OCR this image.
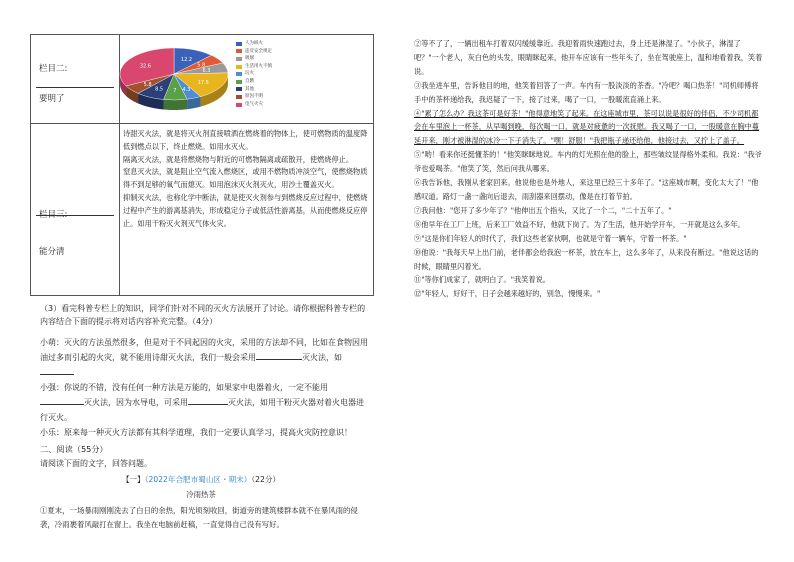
栏目二:
要明了
栏目三:
能分清
12.2
5.8
6.3
17.5
4.3
7
8.5
5.8
32.6
人为纵火
违反安全规定
吸烟
生活用火不慎
玩火
自燃
其他
原因不明
电气火灾

诗甜灭火法，就是将灭火剂直接喷洒在燃烧着的物体上，使可燃物质的温度降低到燃点以下，终止燃烧。如用水灭火。

隔离灭火法，就是将燃烧物与附近的可燃物隔离或疏散开，使燃烧停止。

窒息灭火法，就是阻止空气流入燃烧区，或用不燃物质冲淡空气，使燃烧物质得不到足够的氧气而熄灭。如用泡沫灭火剂灭火，用沙土覆盖灭火。

抑制灭火法，也称化学中断法，就是使灭火剂参与到燃烧反应过程中，使燃烧过程中产生的游离基消失，形成稳定分子或低活性游离基，从而使燃烧反应停止。如用干粉灭火剂灭气体火灾。

（3）看完科普专栏上的知识，同学们针对不同的灭火方法展开了讨论。请你根据科普专栏的内容结合下面的提示将对话内容补充完整。（4分）

小萌：灭火的方法虽然很多，但是对于不同起因的火灾，采用的方法却不同，比如在食物因用油过多而引起的火灾，就不能用诗甜灭火法，我们一般会采用	灭火法，如

小强：你说的不错，没有任何一种方法是万能的，如果家中电器着火，一定不能用灭火法，因为水导电，可采用	灭火法，如用干粉灭火器对着火电器进行灭火。

小乐：原来每一种灭火方法都有其科学道理，我们一定要认真学习，提高火灾防控意识！

二、阅读（55分）
请阅读下面的文字，回答问题。
【一】（2022年合肥市蜀山区・期末）（22分）
冷雨热茶

①夏末，一场暴雨刚刚洗去了白日的余热，阳光顷刻收回，街道旁的建筑楼群本就不在暴风雨的侵袭，冷雨裹着风敲打在窗上。我坐在电脑前赶稿，一直觉得自己没有写好。

②等不了了，一辆出租车打着双闪缓缓靠近。我迎着雨快速跑过去，身上还是淋湿了。"小伙子，淋湿了吧？"一个老人，灰白色的头发，眼睛眯起来，他开车应该有一些年头了，坐在驾驶座上，温和地看着我，笑着说。

③我坐进车里，告诉他目的地，他笑着回答了一声。车内有一股淡淡的茶香。"冷吧？喝口热茶！"司机师傅将手中的茶杯递给我，我迟疑了一下，接了过来，喝了一口，一股暖流直涌上来。

④"累了怎么办？我这茶可是好茶！"他得意地笑了起来。在这座城市里，茶可以说是很好的伴侣，不少司机都会在车里泡上一杯茶，从早喝到晚，每次喝一口，就是对疲惫的一次抚慰。我又喝了一口，一股暖意在胸中蔓延开来，刚才被淋湿的冰冷一下子消失了。"嘿！舒服！"我把瓶子递还给他，他接过去，又拧上了盖子。

⑤"哟！看来你还挺懂茶的！"他笑眯眯地说。车内的灯光照在他的脸上，那些皱纹显得格外柔和。我说："我爷爷也爱喝茶。"他笑了笑，然后问我从哪来。

⑥我告诉他，我刚从老家回来。他说他也是外地人，来这里已经三十多年了。"这座城市啊，变化太大了！"他感叹道。路灯一盏一盏向后退去，雨刮器来回摆动，像是在打着节拍。

⑦我问他："您开了多少年了？"他伸出五个指头，又比了一个二，"二十五年了。"

⑧他早年在工厂上班，后来工厂效益不好，他就下岗了。为了生活，他开始学开车，一开就是这么多年。

⑨"这是你们年轻人的时代了，我们这些老家伙啊，也就是守着一辆车，守着一杯茶。"

⑩他说："我每天早上出门前，老伴都会给我泡一杯茶，放在车上，这么多年了，从来没有断过。"他说这话的时候，眼睛里闪着光。

⑪"等你们成家了，就明白了。"我笑着说。

⑫"年轻人，好好干，日子会越来越好的，别急，慢慢来。"
